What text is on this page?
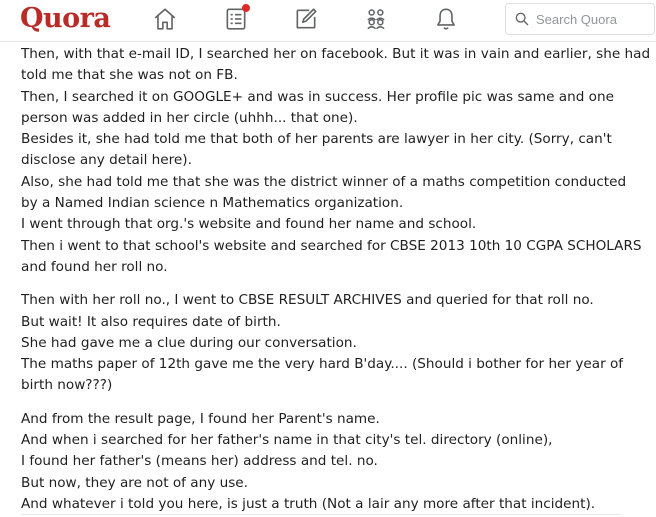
Quora
Search Quora
Then, with that e-mail ID, I searched her on facebook. But it was in vain and earlier, she had
told me that she was not on FB.
Then, I searched it on GOOGLE+ and was in success. Her profile pic was same and one
person was added in her circle (uhhh... that one).
Besides it, she had told me that both of her parents are lawyer in her city. (Sorry, can't
disclose any detail here).
Also, she had told me that she was the district winner of a maths competition conducted
by a Named Indian science n Mathematics organization.
I went through that org.'s website and found her name and school.
Then i went to that school's website and searched for CBSE 2013 10th 10 CGPA SCHOLARS
and found her roll no.
Then with her roll no., I went to CBSE RESULT ARCHIVES and queried for that roll no.
But wait! It also requires date of birth.
She had gave me a clue during our conversation.
The maths paper of 12th gave me the very hard B'day.... (Should i bother for her year of
birth now???)
And from the result page, I found her Parent's name.
And when i searched for her father's name in that city's tel. directory (online),
I found her father's (means her) address and tel. no.
But now, they are not of any use.
And whatever i told you here, is just a truth (Not a lair any more after that incident).
